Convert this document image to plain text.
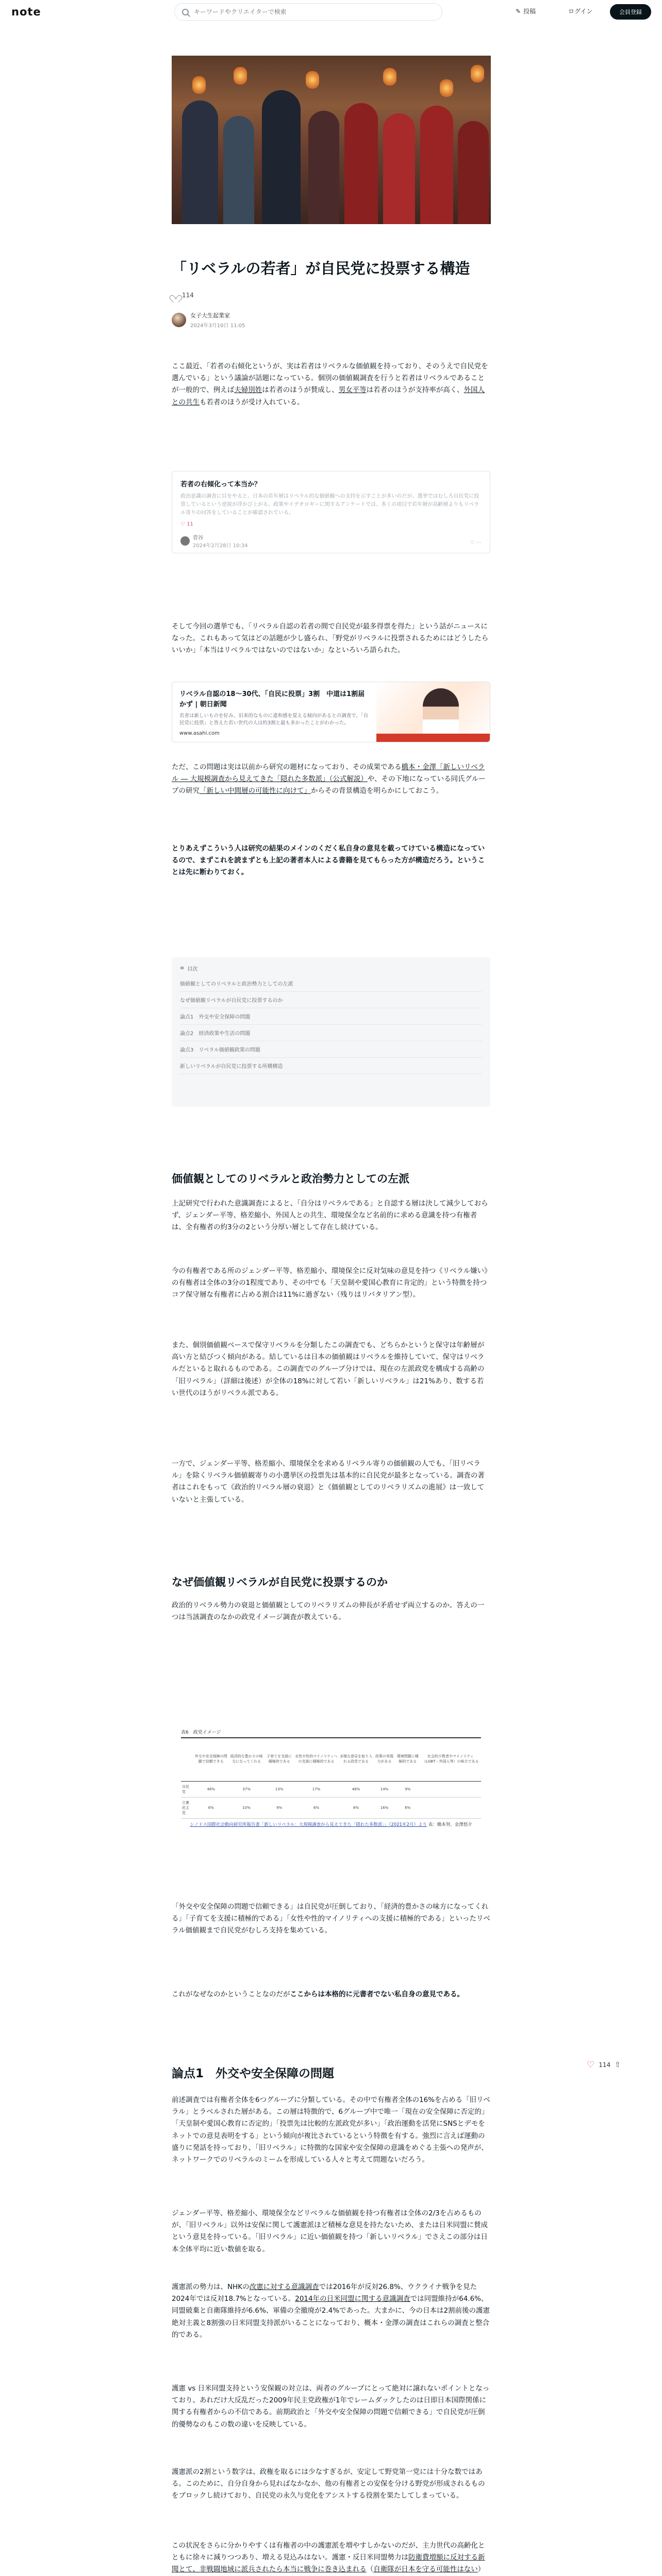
note
キーワードやクリエイターで検索	✎ 投稿	ログイン	会員登録
「リベラルの若者」が自民党に投票する構造
114
女子大生起業家
2024年3月10日 11:05
ここ最近、「若者の右傾化というが、実は若者はリベラルな価値観を持っており、そのうえで自民党を選んでいる」という議論が話題になっている。個別の価値観調査を行うと若者はリベラルであることが一般的で、例えば夫婦別姓は若者のほうが賛成し、男女平等は若者のほうが支持率が高く、外国人との共生も若者のほうが受け入れている。
若者の右傾化って本当か？
政治意識の調査に目をやると、日本の若年層はリベラル的な価値観への支持を示すことが多いのだが、選挙ではむしろ自民党に投票しているという逆説が浮かび上がる。政策やイデオロギーに関するアンケートでは、多くの項目で若年層が高齢層よりもリベラル寄りの回答をしていることが確認されている。
♡ 11
菅谷
2024年2月28日 10:34
♡ ⋯
そして今回の選挙でも、「リベラル自認の若者の間で自民党が最多得票を得た」という話がニュースになった。これもあって気はどの話題が少し盛られ、「野党がリベラルに投票されるためにはどうしたらいいか」「本当はリベラルではないのではないか」なといろいろ語られた。
リベラル自認の18〜30代、「自民に投票」3割　中道は1割届かず | 朝日新聞
若者は新しいものを好み、旧来的なものに違和感を覚える傾向があるとの調査で、「自民党に投票」と答えた若い世代の人は約3割と最も多かったことがわかった。
www.asahi.com
ただ、この問題は実は以前から研究の題材になっており、その成果である橋本・金澤「新しいリベラル ― 大規模調査から見えてきた「隠れた多数派」（公式解説）や、その下地になっている同氏グループの研究「新しい中間層の可能性に向けて」からその背景構造を明らかにしておこう。
とりあえずこういう人は研究の結果のメインのくだく私自身の意見を載ってけている構造になっているので、まずこれを読まずとも上記の著者本人による書籍を見てもらった方が構造だろう。ということは先に断わりておく。
≡ 目次
価値観としてのリベラルと政治勢力としての左派
なぜ価値観リベラルが自民党に投票するのか
論点1　外交や安全保障の問題
論点2　経済政策や生活の問題
論点3　リベラル価値観政策の問題
新しいリベラルが自民党に投票する所構構造
価値観としてのリベラルと政治勢力としての左派
上記研究で行われた意識調査によると、「自分はリベラルである」と自認する層は決して減少しておらず、ジェンダー平等、格差縮小、外国人との共生、環境保全など名前的に求める意識を持つ有権者は、全有権者の約3分の2という分厚い層として存在し続けている。
今の有権者である所のジェンダー平等、格差縮小、環境保全に反対気味の意見を持つ《リベラル嫌い》の有権者は全体の3分の1程度であり、その中でも「天皇制や愛国心教育に肯定的」という特徴を持つコア保守層な有権者に占める割合は11%に過ぎない（残りはリバタリアン型）。
また、個別価値観ベースで保守リベラルを分類したこの調査でも、どちらかというと保守は年齢層が高い方と結びつく傾向がある。結しているは日本の価値観はリベラルを維持していて、保守はリベラルだといると取れるものである。この調査でのグループ分けでは、現在の左派政党を構成する高齢の「旧リベラル」（詳細は後述）が全体の18%に対して若い「新しいリベラル」は21%あり、数する若い世代のほうがリベラル派である。
一方で、ジェンダー平等、格差縮小、環境保全を求めるリベラル寄りの価値観の人でも、「旧リベラル」を除くリベラル価値観寄りの小選挙区の投票先は基本的に自民党が最多となっている。調査の著者はこれをもって《政治的リベラル層の衰退》と《価値観としてのリベラリズムの進展》は一致していないと主張している。
なぜ価値観リベラルが自民党に投票するのか
政治的リベラル勢力の衰退と価値観としてのリベラリズムの伸長が矛盾せず両立するのか。答えの一つは当該調査のなかの政党イメージ調査が教えている。
表6　政党イメージ
	外交や安全保障の問題で信頼できる	経済的な豊かさの味方になってくれる	子育てを支援に積極的である	女性や性的マイノリティへの支援に積極的である	多様な意見を取り入れる政党である	政策の実現力がある	環境問題に積極的である	社会的少数者やマイノリティ（LGBT・外国人等）の味方である
自民党	46%	37%	13%	17%	46%	14%	9%	
立憲民主党	6%	10%	9%	6%	8%	16%	6%	
シノドス国際社会動向研究所報告書「新しいリベラル：大規模調査から見えてきた「隠れた多数派」」（2021年2月）より 表：橋本努、金澤悠介
「外交や安全保障の問題で信頼できる」は自民党が圧倒しており、「経済的豊かさの味方になってくれる」「子育てを支援に積極的である」「女性や性的マイノリティへの支援に積極的である」といったリベラル価値観まで自民党がむしろ支持を集めている。
これがなぜなのかということなのだがここからは本格的に元書者でない私自身の意見である。
♡ 114 ⇧
論点1　外交や安全保障の問題
前述調査では有権者全体を6つグループに分類している。その中で有権者全体の16%を占める「旧リベラル」とラベルされた層がある。この層は特徴的で、6グループ中で唯一「現在の安全保障に否定的」「天皇制や愛国心教育に否定的」「投票先は比較的左派政党が多い」「政治運動を活発にSNSとデモをネットでの意見表明をする」という傾向が複比されているという特徴を有する。強烈に言えば運動の盛りに発話を持っており、「旧リベラル」に特徴的な国家や安全保障の意識をめぐる主張への発声が、ネットワークでのリベラルのミームを形成している人々と考えて問題ないだろう。
ジェンダー平等、格差縮小、環境保全などリベラルな価値観を持つ有権者は全体の2/3を占めるものが、「旧リベラル」以外は安保に関して護憲派ほど積極な意見を持たないため、または日米同盟に賛成という意見を持っている。「旧リベラル」に近い価値観を持つ「新しいリベラル」でさえこの部分は日本全体平均に近い数値を取る。
護憲派の勢力は、NHKの改憲に対する意識調査では2016年が反対26.8%、ウクライナ戦争を見た2024年では反対18.7%となっている。2014年の日米同盟に関する意識調査では同盟維持が64.6%、同盟破棄と自衛隊維持が6.6%、軍備の全撤廃が2.4%であった。大まかに、今の日本は2割前後の護憲絶対主義と8割強の日米同盟支持派がいることになっており、概本・金澤の調査はこれらの調査と整合的である。
護憲 vs 日米同盟支持という安保観の対立は、両者のグループにとって絶対に譲れないポイントとなっており、あれだけ大反乱だった2009年民主党政権が1年でレームダックしたのは日即日本国際関係に関する有権者からの不信である。前期政治と「外交や安全保障の問題で信頼できる」で自民党が圧倒的優勢なのもこの数の違いを反映している。
護憲派の2割という数字は、政権を取るには少なすぎるが、安定して野党第一党には十分な数ではある。このために、自分自身から見ればなかなか、他の有権者との安保を分ける野党が形成されるものをブロックし続けており、自民党の永久与党化をアシストする役割を果たしてしまっている。
この状況をさらに分かりやすくは有権者の中の護憲派を増やすしかないのだが、主力世代の高齢化とともに徐々に減りつつあり、増える見込みはない。護憲・反日米同盟勢力は防衛費増額に反対する新聞とて、非戦闘地域に派兵されたら本当に戦争に巻き込まれる（自衛隊が日本を守る可能性はない）
